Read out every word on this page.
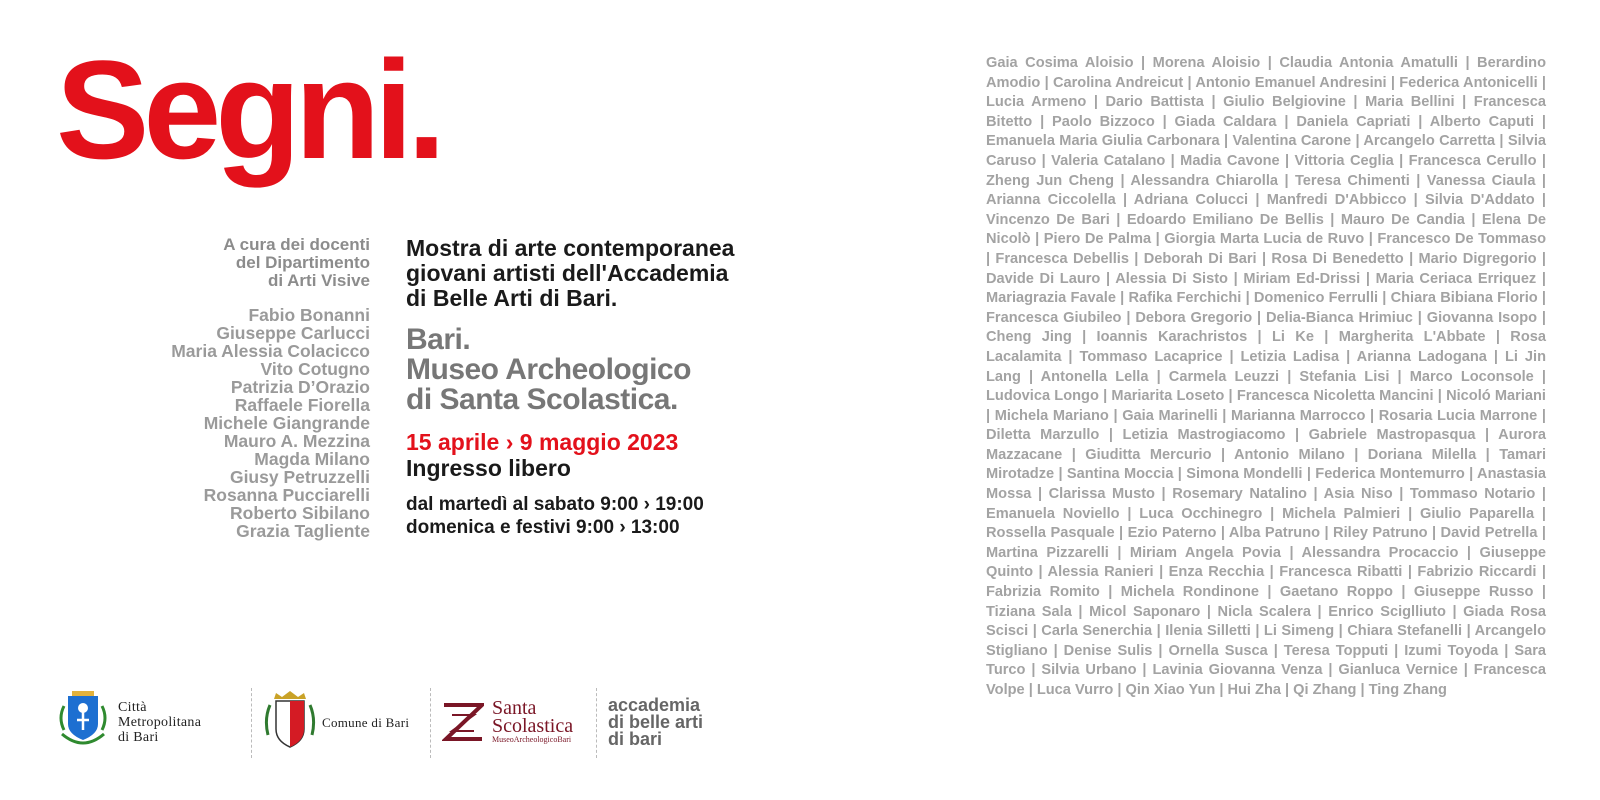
Segni.
A cura dei docenti
del Dipartimento
di Arti Visive
Fabio Bonanni
Giuseppe Carlucci
Maria Alessia Colacicco
Vito Cotugno
Patrizia D’Orazio
Raffaele Fiorella
Michele Giangrande
Mauro A. Mezzina
Magda Milano
Giusy Petruzzelli
Rosanna Pucciarelli
Roberto Sibilano
Grazia Tagliente
Mostra di arte contemporanea
giovani artisti dell'Accademia
di Belle Arti di Bari.
Bari.
Museo Archeologico
di Santa Scolastica.
15 aprile › 9 maggio 2023
Ingresso libero
dal martedì al sabato 9:00 › 19:00
domenica e festivi 9:00 › 13:00
Città
Metropolitana
di Bari
Comune di Bari
Santa
Scolastica
MuseoArcheologicoBari
accademia
di belle arti
di bari

Gaia Cosima Aloisio | Morena Aloisio | Claudia Antonia Amatulli | Berardino Amodio | Carolina Andreicut | Antonio Emanuel Andresini | Federica Antonicelli | Lucia Armeno | Dario Battista | Giulio Belgiovine | Maria Bellini | Francesca Bitetto | Paolo Bizzoco | Giada Caldara | Daniela Capriati | Alberto Caputi | Emanuela Maria Giulia Carbonara | Valentina Carone | Arcangelo Carretta | Silvia Caruso | Valeria Catalano | Madia Cavone | Vittoria Ceglia | Francesca Cerullo | Zheng Jun Cheng | Alessandra Chiarolla | Teresa Chimenti | Vanessa Ciaula | Arianna Ciccolella | Adriana Colucci | Manfredi D'Abbicco | Silvia D'Addato | Vincenzo De Bari | Edoardo Emiliano De Bellis | Mauro De Candia | Elena De Nicolò | Piero De Palma | Giorgia Marta Lucia de Ruvo | Francesco De Tommaso | Francesca Debellis | Deborah Di Bari | Rosa Di Benedetto | Mario Digregorio | Davide Di Lauro | Alessia Di Sisto | Miriam Ed-Drissi | Maria Ceriaca Erriquez | Mariagrazia Favale | Rafika Ferchichi | Domenico Ferrulli | Chiara Bibiana Florio | Francesca Giubileo | Debora Gregorio | Delia-Bianca Hrimiuc | Giovanna Isopo | Cheng Jing | Ioannis Karachristos | Li Ke | Margherita L'Abbate | Rosa Lacalamita | Tommaso Lacaprice | Letizia Ladisa | Arianna Ladogana | Li Jin Lang | Antonella Lella | Carmela Leuzzi | Stefania Lisi | Marco Loconsole | Ludovica Longo | Mariarita Loseto | Francesca Nicoletta Mancini | Nicoló Mariani | Michela Mariano | Gaia Marinelli | Marianna Marrocco | Rosaria Lucia Marrone | Diletta Marzullo | Letizia Mastrogiacomo | Gabriele Mastropasqua | Aurora Mazzacane | Giuditta Mercurio | Antonio Milano | Doriana Milella | Tamari Mirotadze | Santina Moccia | Simona Mondelli | Federica Montemurro | Anastasia Mossa | Clarissa Musto | Rosemary Natalino | Asia Niso | Tommaso Notario | Emanuela Noviello | Luca Occhinegro | Michela Palmieri | Giulio Paparella | Rossella Pasquale | Ezio Paterno | Alba Patruno | Riley Patruno | David Petrella | Martina Pizzarelli | Miriam Angela Povia | Alessandra Procaccio | Giuseppe Quinto | Alessia Ranieri | Enza Recchia | Francesca Ribatti | Fabrizio Riccardi | Fabrizia Romito | Michela Rondinone | Gaetano Roppo | Giuseppe Russo | Tiziana Sala | Micol Saponaro | Nicla Scalera | Enrico Sciglliuto | Giada Rosa Scisci | Carla Senerchia | Ilenia Silletti | Li Simeng | Chiara Stefanelli | Arcangelo Stigliano | Denise Sulis | Ornella Susca | Teresa Topputi | Izumi Toyoda | Sara Turco | Silvia Urbano | Lavinia Giovanna Venza | Gianluca Vernice | Francesca Volpe | Luca Vurro | Qin Xiao Yun | Hui Zha | Qi Zhang | Ting Zhang
